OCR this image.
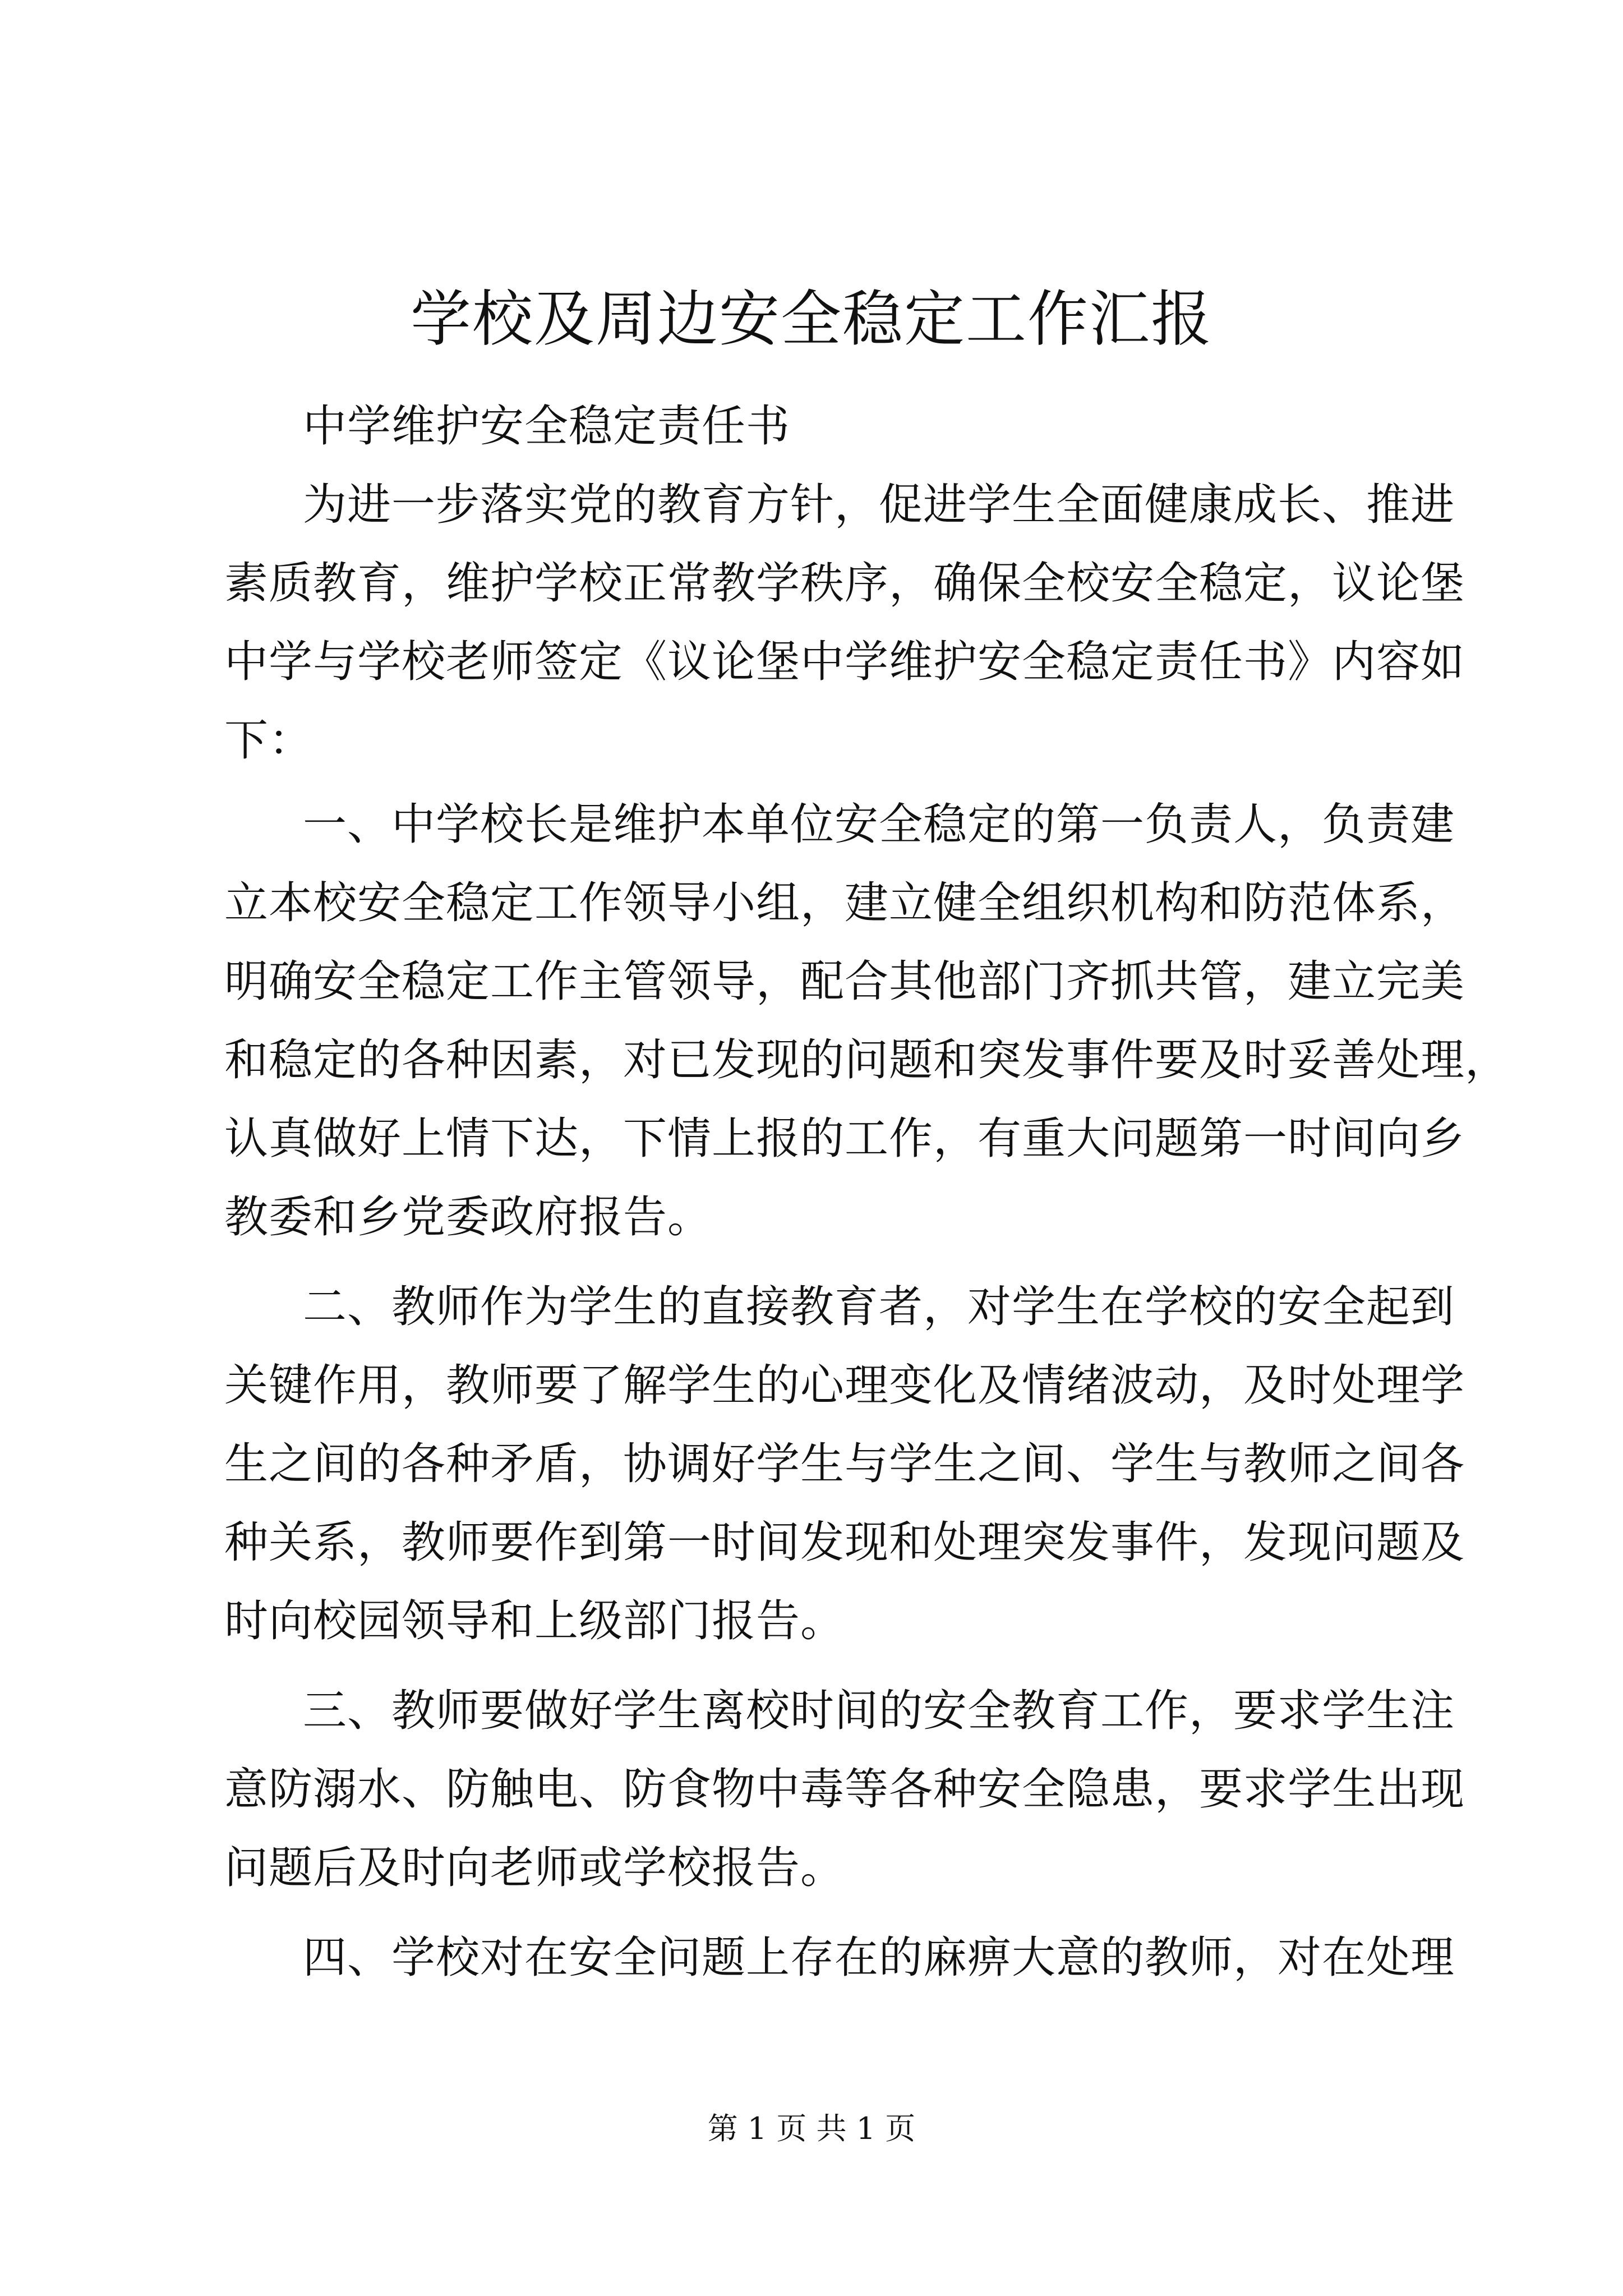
学校及周边安全稳定工作汇报
中学维护安全稳定责任书
为进一步落实党的教育方针，促进学生全面健康成长、推进
素质教育，维护学校正常教学秩序，确保全校安全稳定，议论堡
中学与学校老师签定《议论堡中学维护安全稳定责任书》内容如
下：
一、中学校长是维护本单位安全稳定的第一负责人，负责建
立本校安全稳定工作领导小组，建立健全组织机构和防范体系，
明确安全稳定工作主管领导，配合其他部门齐抓共管，建立完美
和稳定的各种因素，对已发现的问题和突发事件要及时妥善处理，
认真做好上情下达，下情上报的工作，有重大问题第一时间向乡
教委和乡党委政府报告。
二、教师作为学生的直接教育者，对学生在学校的安全起到
关键作用，教师要了解学生的心理变化及情绪波动，及时处理学
生之间的各种矛盾，协调好学生与学生之间、学生与教师之间各
种关系，教师要作到第一时间发现和处理突发事件，发现问题及
时向校园领导和上级部门报告。
三、教师要做好学生离校时间的安全教育工作，要求学生注
意防溺水、防触电、防食物中毒等各种安全隐患，要求学生出现
问题后及时向老师或学校报告。
四、学校对在安全问题上存在的麻痹大意的教师，对在处理
第 1 页 共 1 页
